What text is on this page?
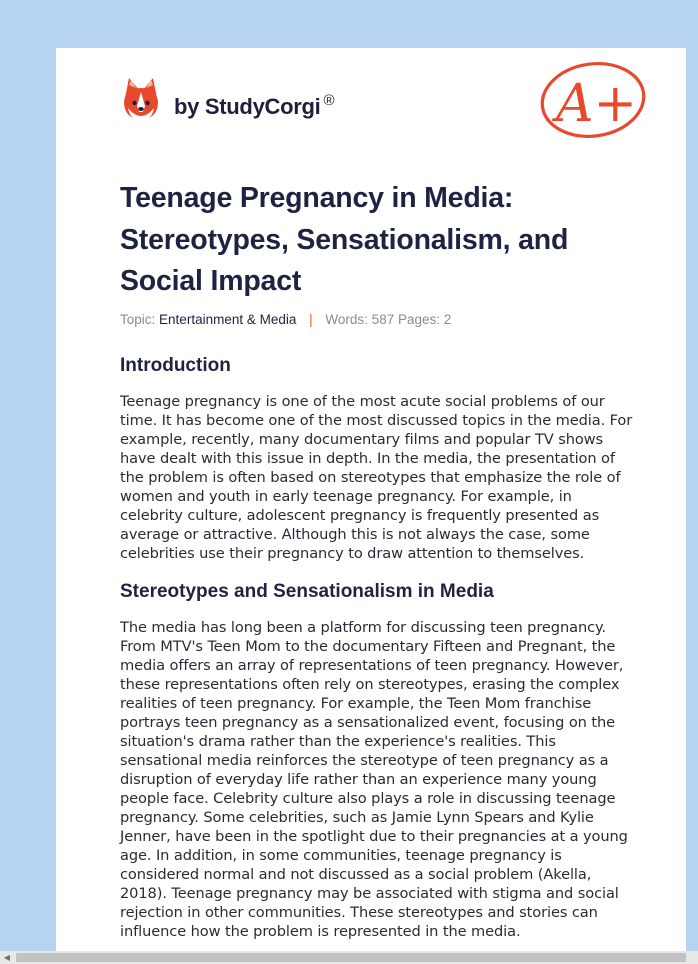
by StudyCorgi ®	A+
Teenage Pregnancy in Media: Stereotypes, Sensationalism, and Social Impact
Topic: Entertainment & Media | Words: 587 Pages: 2
Introduction

Teenage pregnancy is one of the most acute social problems of our time. It has become one of the most discussed topics in the media. For example, recently, many documentary films and popular TV shows have dealt with this issue in depth. In the media, the presentation of the problem is often based on stereotypes that emphasize the role of women and youth in early teenage pregnancy. For example, in celebrity culture, adolescent pregnancy is frequently presented as average or attractive. Although this is not always the case, some celebrities use their pregnancy to draw attention to themselves.

Stereotypes and Sensationalism in Media

The media has long been a platform for discussing teen pregnancy. From MTV's Teen Mom to the documentary Fifteen and Pregnant, the media offers an array of representations of teen pregnancy. However, these representations often rely on stereotypes, erasing the complex realities of teen pregnancy. For example, the Teen Mom franchise portrays teen pregnancy as a sensationalized event, focusing on the situation's drama rather than the experience's realities. This sensational media reinforces the stereotype of teen pregnancy as a disruption of everyday life rather than an experience many young people face. Celebrity culture also plays a role in discussing teenage pregnancy. Some celebrities, such as Jamie Lynn Spears and Kylie Jenner, have been in the spotlight due to their pregnancies at a young age. In addition, in some communities, teenage pregnancy is considered normal and not discussed as a social problem (Akella, 2018). Teenage pregnancy may be associated with stigma and social rejection in other communities. These stereotypes and stories can influence how the problem is represented in the media.

◀
